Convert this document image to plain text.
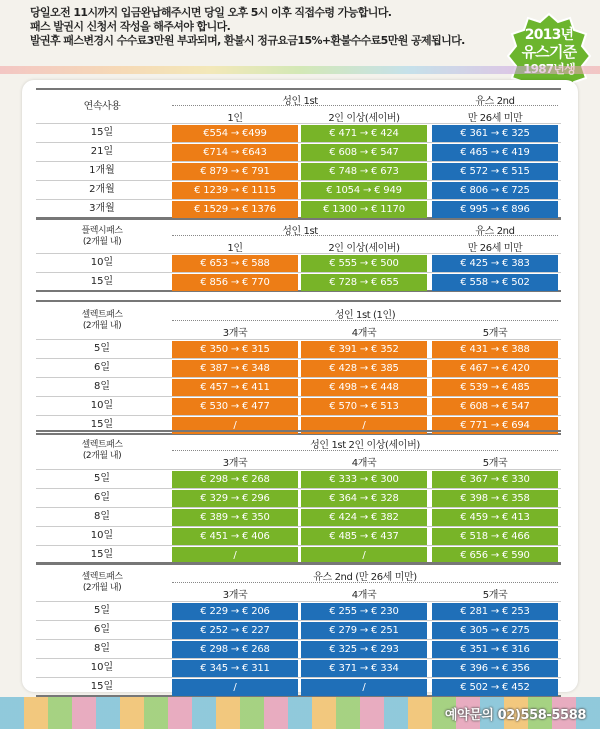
당일오전 11시까지 입금완납해주시면 당일 오후 5시 이후 직접수령 가능합니다.
패스 발권시 신청서 작성을 해주셔야 합니다.
발권후 패스변경시 수수료3만원 부과되며, 환불시 정규요금15%+환불수수료5만원 공제됩니다.	2013년
유스기준
연속사용	성인 1st	유스 2nd
1인	2인 이상(세이버)	만 26세 미만
15일	€554 → €499	€ 471 → € 424	€ 361 → € 325
21일	€714 → €643	€ 608 → € 547	€ 465 → € 419
1개월	€ 879 → € 791	€ 748 → € 673	€ 572 → € 515
2개월	€ 1239 → € 1115	€ 1054 → € 949	€ 806 → € 725
3개월	€ 1529 → € 1376	€ 1300 → € 1170	€ 995 → € 896
플렉시패스
(2개월 내)
성인 1st	유스 2nd
1인	2인 이상(세이버)	만 26세 미만
10일	€ 653 → € 588	€ 555 → € 500	€ 425 → € 383
15일	€ 856 → € 770	€ 728 → € 655	€ 558 → € 502
셀렉트패스
(2개월 내)
성인 1st (1인)
3개국	4개국	5개국
5일	€ 350 → € 315	€ 391 → € 352	€ 431 → € 388
6일	€ 387 → € 348	€ 428 → € 385	€ 467 → € 420
8일	€ 457 → € 411	€ 498 → € 448	€ 539 → € 485
10일	€ 530 → € 477	€ 570 → € 513	€ 608 → € 547
15일	/	/	€ 771 → € 694
셀렉트패스
(2개월 내)
성인 1st 2인 이상(세이버)
3개국	4개국	5개국
5일	€ 298 → € 268	€ 333 → € 300	€ 367 → € 330
6일	€ 329 → € 296	€ 364 → € 328	€ 398 → € 358
8일	€ 389 → € 350	€ 424 → € 382	€ 459 → € 413
10일	€ 451 → € 406	€ 485 → € 437	€ 518 → € 466
15일	/	/	€ 656 → € 590
셀렉트패스
(2개월 내)
유스 2nd (만 26세 미만)
3개국	4개국	5개국
5일	€ 229 → € 206	€ 255 → € 230	€ 281 → € 253
6일	€ 252 → € 227	€ 279 → € 251	€ 305 → € 275
8일	€ 298 → € 268	€ 325 → € 293	€ 351 → € 316
10일	€ 345 → € 311	€ 371 → € 334	€ 396 → € 356
15일	/	/	€ 502 → € 452
예약문의 02)558-5588
